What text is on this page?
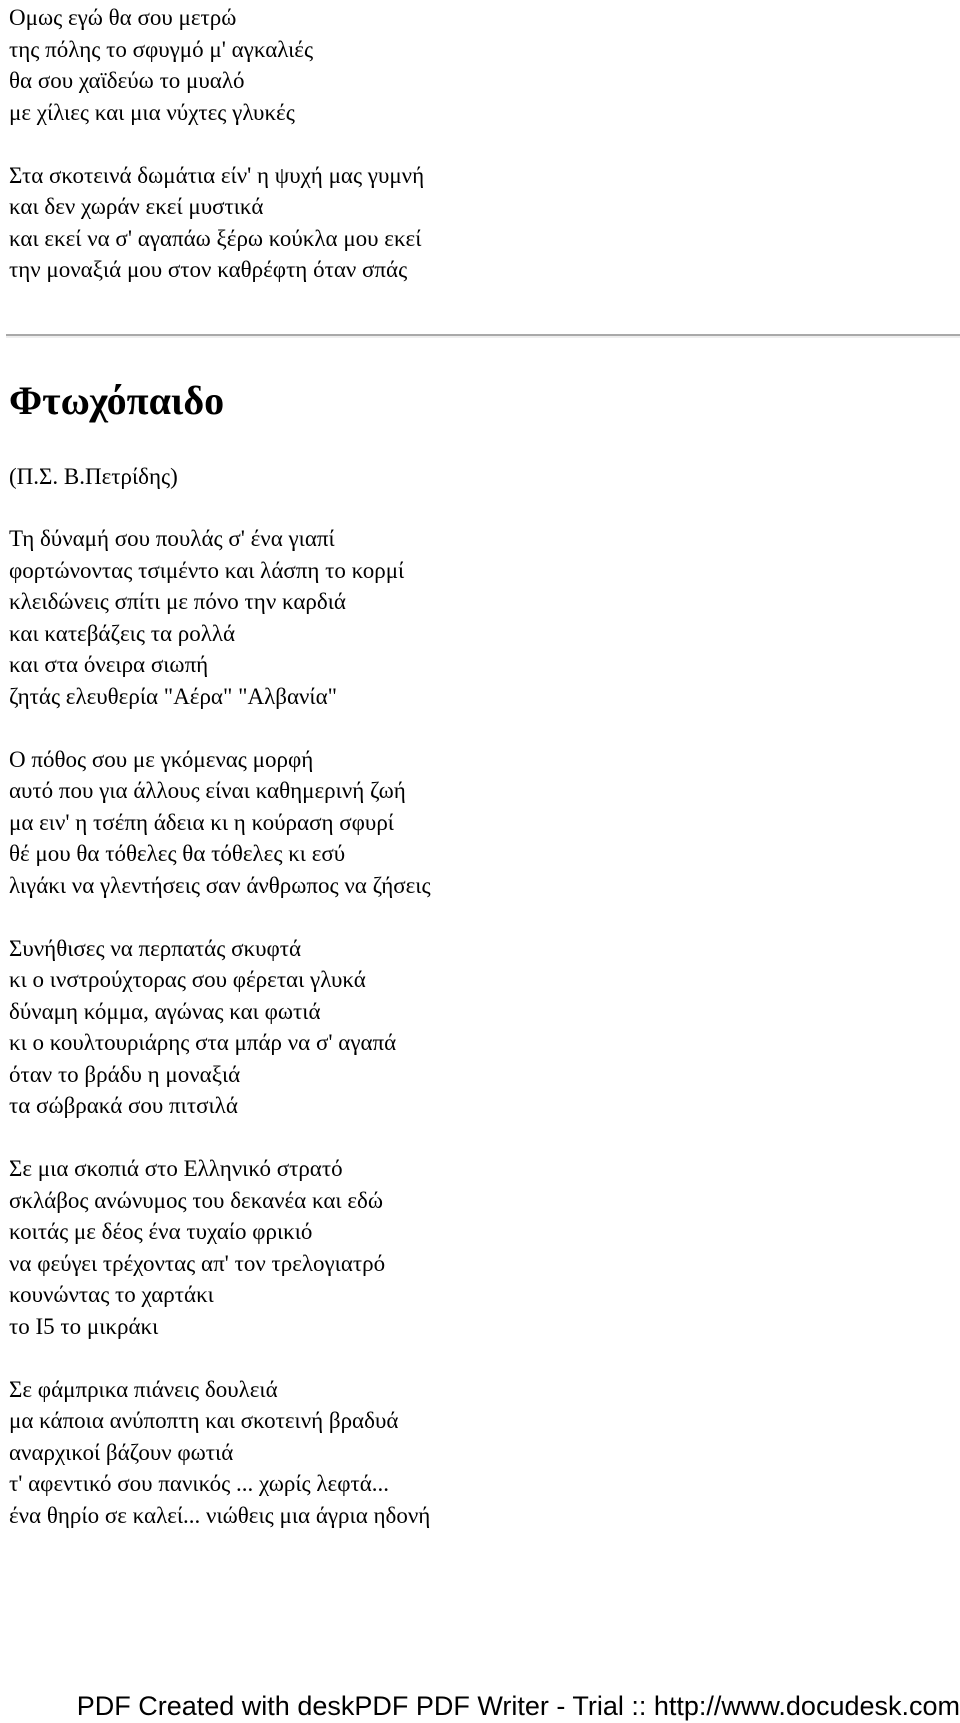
Ομως εγώ θα σου μετρώ
της πόλης το σφυγμό μ' αγκαλιές
θα σου χαϊδεύω το μυαλό
με χίλιες και μια νύχτες γλυκές
Στα σκοτεινά δωμάτια είν' η ψυχή μας γυμνή
και δεν χωράν εκεί μυστικά
και εκεί να σ' αγαπάω ξέρω κούκλα μου εκεί
την μοναξιά μου στον καθρέφτη όταν σπάς
Φτωχόπαιδο
(Π.Σ. Β.Πετρίδης)
Τη δύναμή σου πουλάς σ' ένα γιαπί
φορτώνοντας τσιμέντο και λάσπη το κορμί
κλειδώνεις σπίτι με πόνο την καρδιά
και κατεβάζεις τα ρολλά
και στα όνειρα σιωπή
ζητάς ελευθερία "Αέρα" "Αλβανία"
Ο πόθος σου με γκόμενας μορφή
αυτό που για άλλους είναι καθημερινή ζωή
μα ειν' η τσέπη άδεια κι η κούραση σφυρί
θέ μου θα τόθελες θα τόθελες κι εσύ
λιγάκι να γλεντήσεις σαν άνθρωπος να ζήσεις
Συνήθισες να περπατάς σκυφτά
κι ο ινστρούχτορας σου φέρεται γλυκά
δύναμη κόμμα, αγώνας και φωτιά
κι ο κουλτουριάρης στα μπάρ να σ' αγαπά
όταν το βράδυ η μοναξιά
τα σώβρακά σου πιτσιλά
Σε μια σκοπιά στο Ελληνικό στρατό
σκλάβος ανώνυμος του δεκανέα και εδώ
κοιτάς με δέος ένα τυχαίο φρικιό
να φεύγει τρέχοντας απ' τον τρελογιατρό
κουνώντας το χαρτάκι
το Ι5 το μικράκι
Σε φάμπρικα πιάνεις δουλειά
μα κάποια ανύποπτη και σκοτεινή βραδυά
αναρχικοί βάζουν φωτιά
τ' αφεντικό σου πανικός ... χωρίς λεφτά...
ένα θηρίο σε καλεί... νιώθεις μια άγρια ηδονή
PDF Created with deskPDF PDF Writer - Trial :: http://www.docudesk.com
